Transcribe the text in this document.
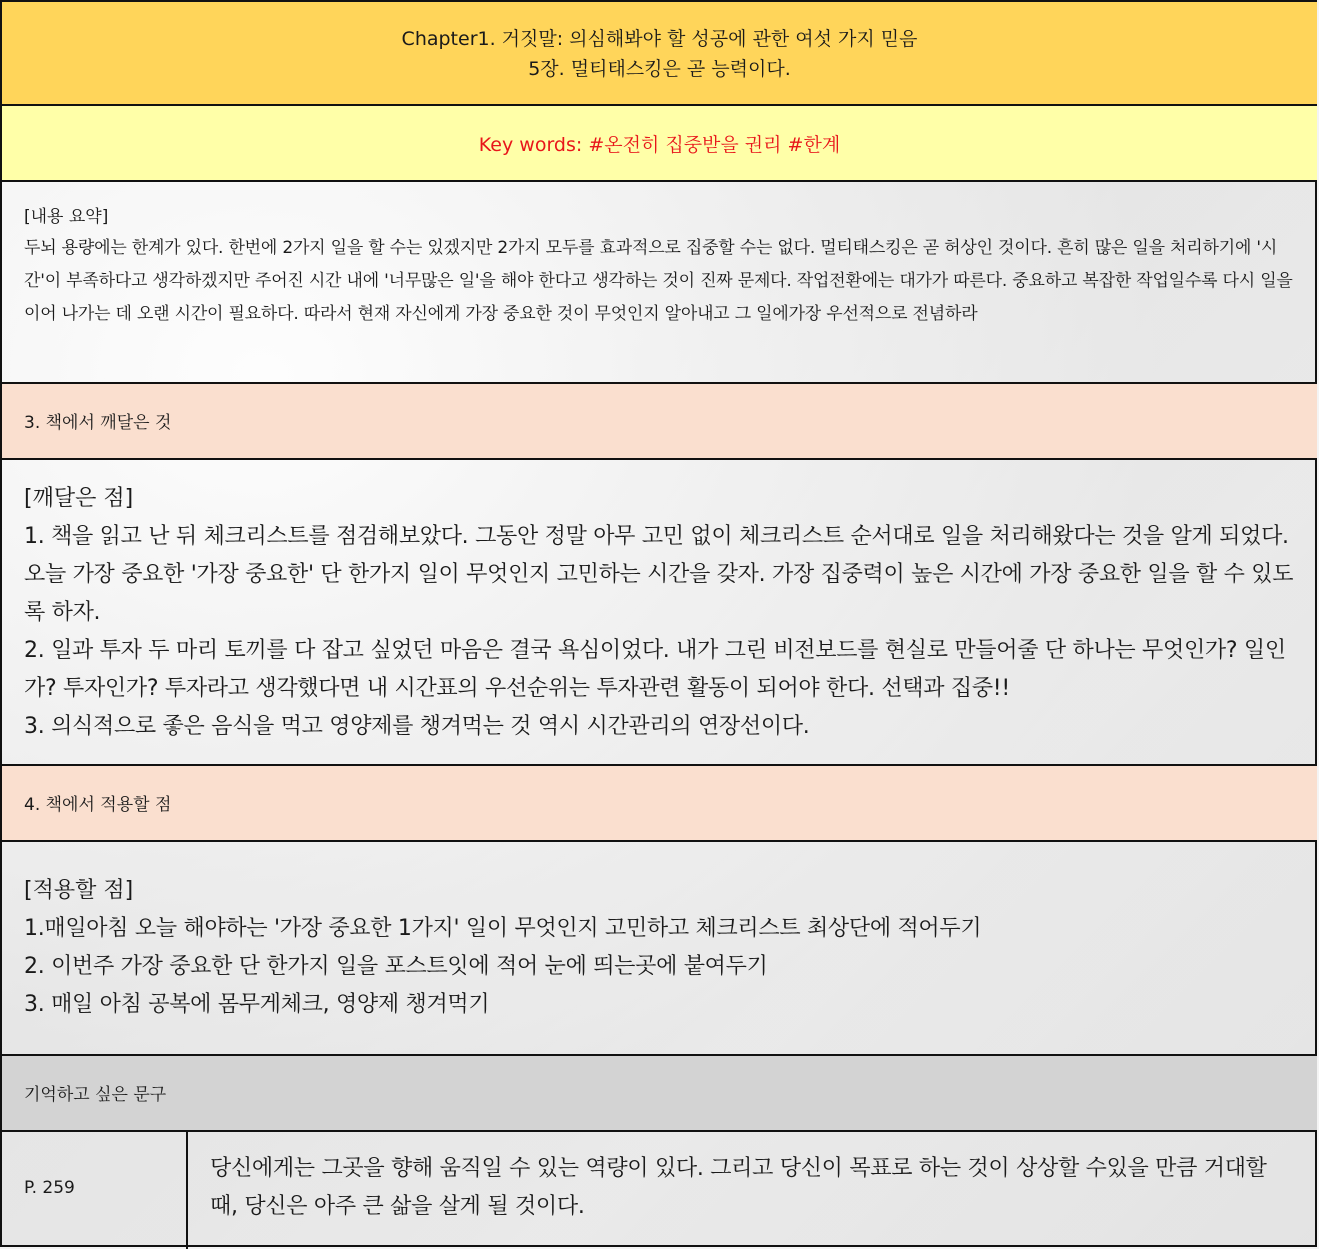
Chapter1. 거짓말: 의심해봐야 할 성공에 관한 여섯 가지 믿음
5장. 멀티태스킹은 곧 능력이다.
Key words: #온전히 집중받을 권리 #한계
[내용 요약]
두뇌 용량에는 한계가 있다. 한번에 2가지 일을 할 수는 있겠지만 2가지 모두를 효과적으로 집중할 수는 없다. 멀티태스킹은 곧 허상인 것이다. 흔히 많은 일을 처리하기에 '시간'이 부족하다고 생각하겠지만 주어진 시간 내에 '너무많은 일'을 해야 한다고 생각하는 것이 진짜 문제다. 작업전환에는 대가가 따른다. 중요하고 복잡한 작업일수록 다시 일을 이어 나가는 데 오랜 시간이 필요하다. 따라서 현재 자신에게 가장 중요한 것이 무엇인지 알아내고 그 일에가장 우선적으로 전념하라
3. 책에서 깨달은 것
[깨달은 점]
1. 책을 읽고 난 뒤 체크리스트를 점검해보았다. 그동안 정말 아무 고민 없이 체크리스트 순서대로 일을 처리해왔다는 것을 알게 되었다. 오늘 가장 중요한 '가장 중요한' 단 한가지 일이 무엇인지 고민하는 시간을 갖자. 가장 집중력이 높은 시간에 가장 중요한 일을 할 수 있도록 하자.
2. 일과 투자 두 마리 토끼를 다 잡고 싶었던 마음은 결국 욕심이었다. 내가 그린 비전보드를 현실로 만들어줄 단 하나는 무엇인가? 일인가? 투자인가? 투자라고 생각했다면 내 시간표의 우선순위는 투자관련 활동이 되어야 한다. 선택과 집중!!
3. 의식적으로 좋은 음식을 먹고 영양제를 챙겨먹는 것 역시 시간관리의 연장선이다.
4. 책에서 적용할 점
[적용할 점]
1.매일아침 오늘 해야하는 '가장 중요한 1가지' 일이 무엇인지 고민하고 체크리스트 최상단에 적어두기
2. 이번주 가장 중요한 단 한가지 일을 포스트잇에 적어 눈에 띄는곳에 붙여두기
3. 매일 아침 공복에 몸무게체크, 영양제 챙겨먹기
기억하고 싶은 문구
P. 259
당신에게는 그곳을 향해 움직일 수 있는 역량이 있다. 그리고 당신이 목표로 하는 것이 상상할 수있을 만큼 거대할 때, 당신은 아주 큰 삶을 살게 될 것이다.
